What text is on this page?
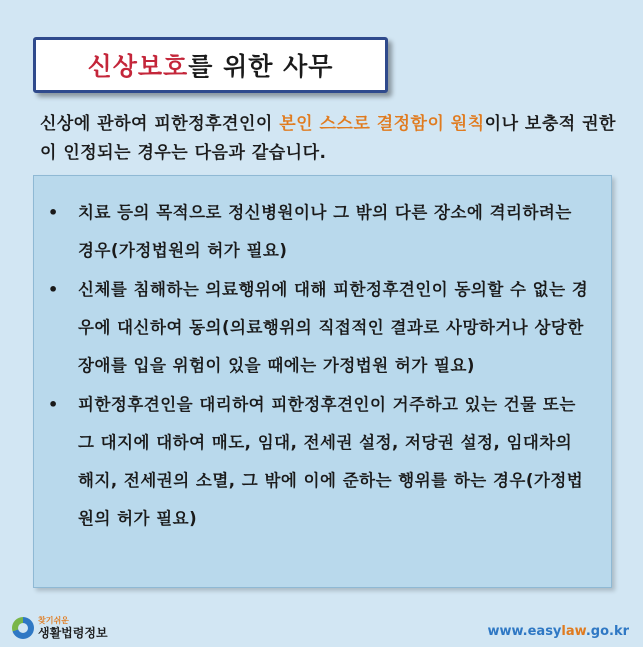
신상보호 를 위한 사무
신상에 관하여 피한정후견인이 본인 스스로 결정함이 원칙이나 보충적 권한이 인정되는 경우는 다음과 같습니다.
• 치료 등의 목적으로 정신병원이나 그 밖의 다른 장소에 격리하려는 경우(가정법원의 허가 필요)
• 신체를 침해하는 의료행위에 대해 피한정후견인이 동의할 수 없는 경우에 대신하여 동의(의료행위의 직접적인 결과로 사망하거나 상당한 장애를 입을 위험이 있을 때에는 가정법원 허가 필요)
• 피한정후견인을 대리하여 피한정후견인이 거주하고 있는 건물 또는 그 대지에 대하여 매도, 임대, 전세권 설정, 저당권 설정, 임대차의 해지, 전세권의 소멸, 그 밖에 이에 준하는 행위를 하는 경우(가정법원의 허가 필요)
찾기쉬운
생활법령정보	www.easylaw.go.kr
